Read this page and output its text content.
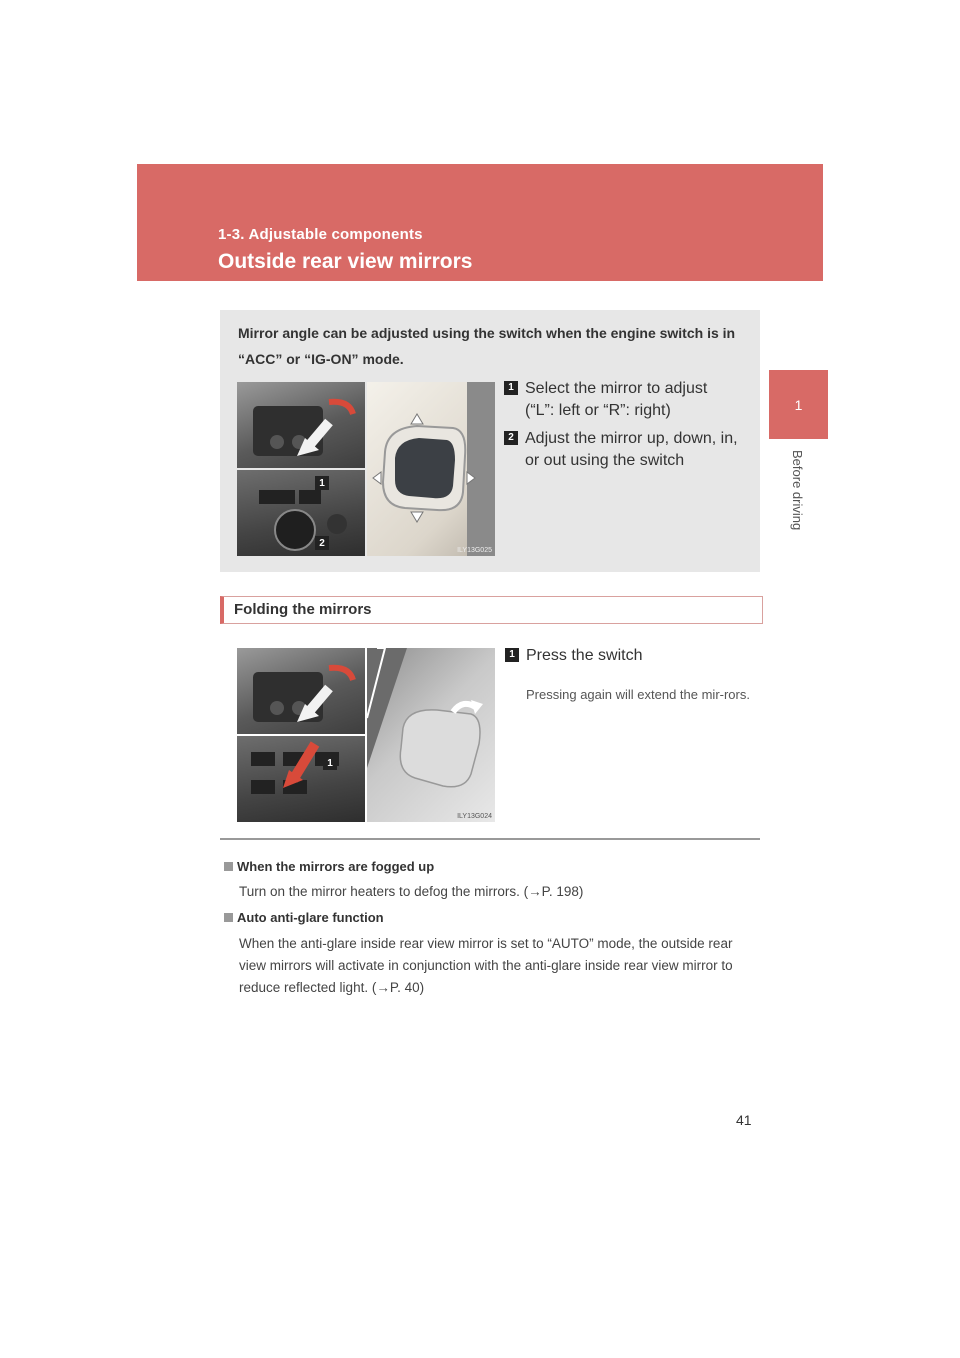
1-3. Adjustable components
Outside rear view mirrors
1
Before driving
Mirror angle can be adjusted using the switch when the engine switch is in “ACC” or “IG-ON” mode.
1
2
ILY13G025
1 Select the mirror to adjust (“L”: left or “R”: right)
2 Adjust the mirror up, down, in, or out using the switch
Folding the mirrors
1
ILY13G024
1 Press the switch
Pressing again will extend the mir-rors.
When the mirrors are fogged up
Turn on the mirror heaters to defog the mirrors. (→P. 198)
Auto anti-glare function
When the anti-glare inside rear view mirror is set to “AUTO” mode, the outside rear view mirrors will activate in conjunction with the anti-glare inside rear view mirror to reduce reflected light. (→P. 40)
41
